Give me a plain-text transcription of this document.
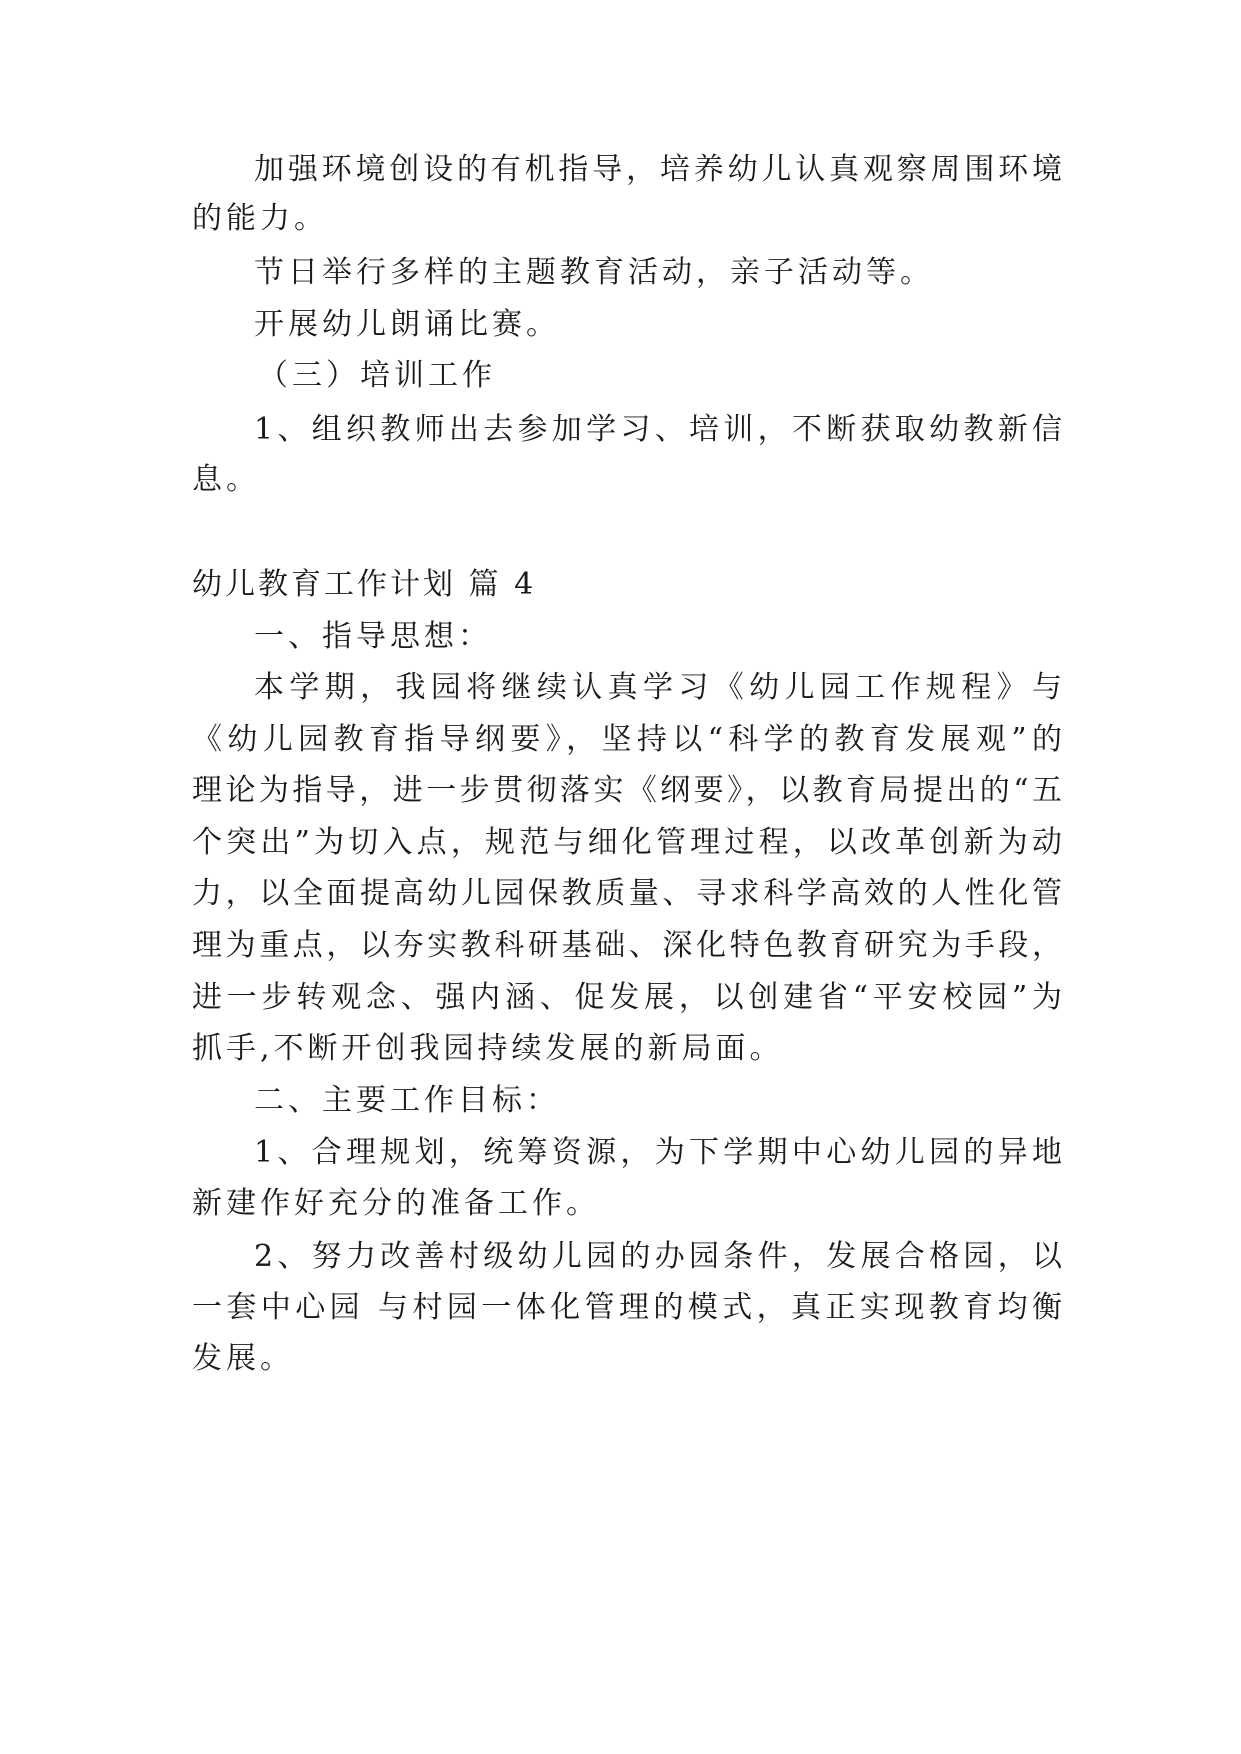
加强环境创设的有机指导，培养幼儿认真观察周围环境

的能力。

节日举行多样的主题教育活动，亲子活动等。

开展幼儿朗诵比赛。

（三）培训工作

1、组织教师出去参加学习、培训，不断获取幼教新信

息。

幼儿教育工作计划 篇 4

一、指导思想：

本学期，我园将继续认真学习《幼儿园工作规程》与

《幼儿园教育指导纲要》，坚持以“科学的教育发展观”的

理论为指导，进一步贯彻落实《纲要》，以教育局提出的“五

个突出”为切入点，规范与细化管理过程，以改革创新为动

力，以全面提高幼儿园保教质量、寻求科学高效的人性化管

理为重点，以夯实教科研基础、深化特色教育研究为手段，

进一步转观念、强内涵、促发展，以创建省“平安校园”为

抓手,不断开创我园持续发展的新局面。

二、主要工作目标：

1、合理规划，统筹资源，为下学期中心幼儿园的异地

新建作好充分的准备工作。

2、努力改善村级幼儿园的办园条件，发展合格园，以

一套中心园 与村园一体化管理的模式，真正实现教育均衡

发展。
